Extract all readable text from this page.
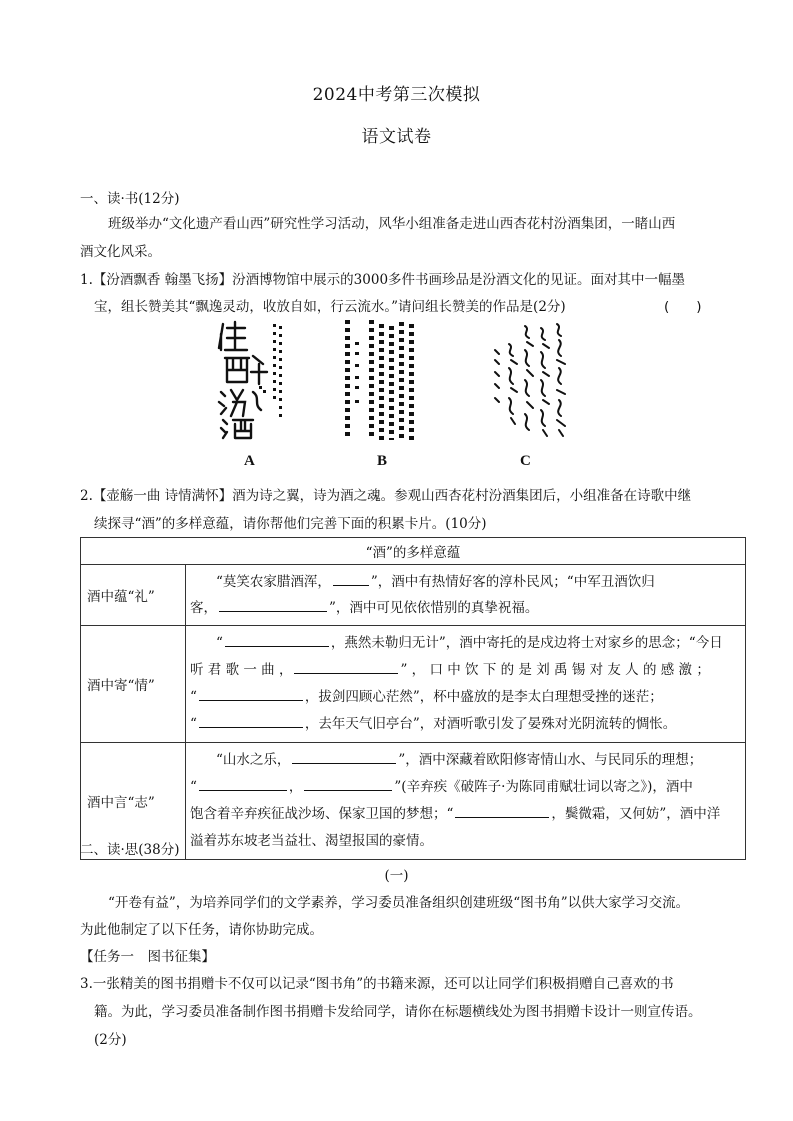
2024中考第三次模拟
语文试卷
一、读·书(12分)
班级举办“文化遗产看山西”研究性学习活动，风华小组准备走进山西杏花村汾酒集团，一睹山西
酒文化风采。
1.【汾酒飘香 翰墨飞扬】汾酒博物馆中展示的3000多件书画珍品是汾酒文化的见证。面对其中一幅墨
宝，组长赞美其“飘逸灵动，收放自如，行云流水。”请问组长赞美的作品是(2分)	(　　)
A	B	C
2.【壶觞一曲 诗情满怀】酒为诗之翼，诗为酒之魂。参观山西杏花村汾酒集团后，小组准备在诗歌中继
续探寻“酒”的多样意蕴，请你帮他们完善下面的积累卡片。(10分)
“酒”的多样意蕴	
酒中蕴“礼”	“莫笑农家腊酒浑， ”，酒中有热情好客的淳朴民风；“中军丑酒饮归
客， ”，酒中可见依依惜别的真挚祝福。

酒中寄“情”	“ ，燕然未勒归无计”，酒中寄托的是戍边将士对家乡的思念；“今日
听 君 歌 一 曲 ， ” ， 口 中 饮 下 的 是 刘 禹 锡 对 友 人 的 感 激 ；
“ ，拔剑四顾心茫然”，杯中盛放的是李太白理想受挫的迷茫；
“ ，去年天气旧亭台”，对酒听歌引发了晏殊对光阴流转的惆怅。

酒中言“志”	“山水之乐， ”，酒中深藏着欧阳修寄情山水、与民同乐的理想；
“ ， ”(辛弃疾《破阵子·为陈同甫赋壮词以寄之》)，酒中
饱含着辛弃疾征战沙场、保家卫国的梦想；“ ，鬓微霜，又何妨”，酒中洋
溢着苏东坡老当益壮、渴望报国的豪情。
二、读·思(38分)
(一)
“开卷有益”，为培养同学们的文学素养，学习委员准备组织创建班级“图书角”以供大家学习交流。
为此他制定了以下任务，请你协助完成。
【任务一　图书征集】
3.一张精美的图书捐赠卡不仅可以记录“图书角”的书籍来源，还可以让同学们积极捐赠自己喜欢的书
籍。为此，学习委员准备制作图书捐赠卡发给同学，请你在标题横线处为图书捐赠卡设计一则宣传语。
(2分)
